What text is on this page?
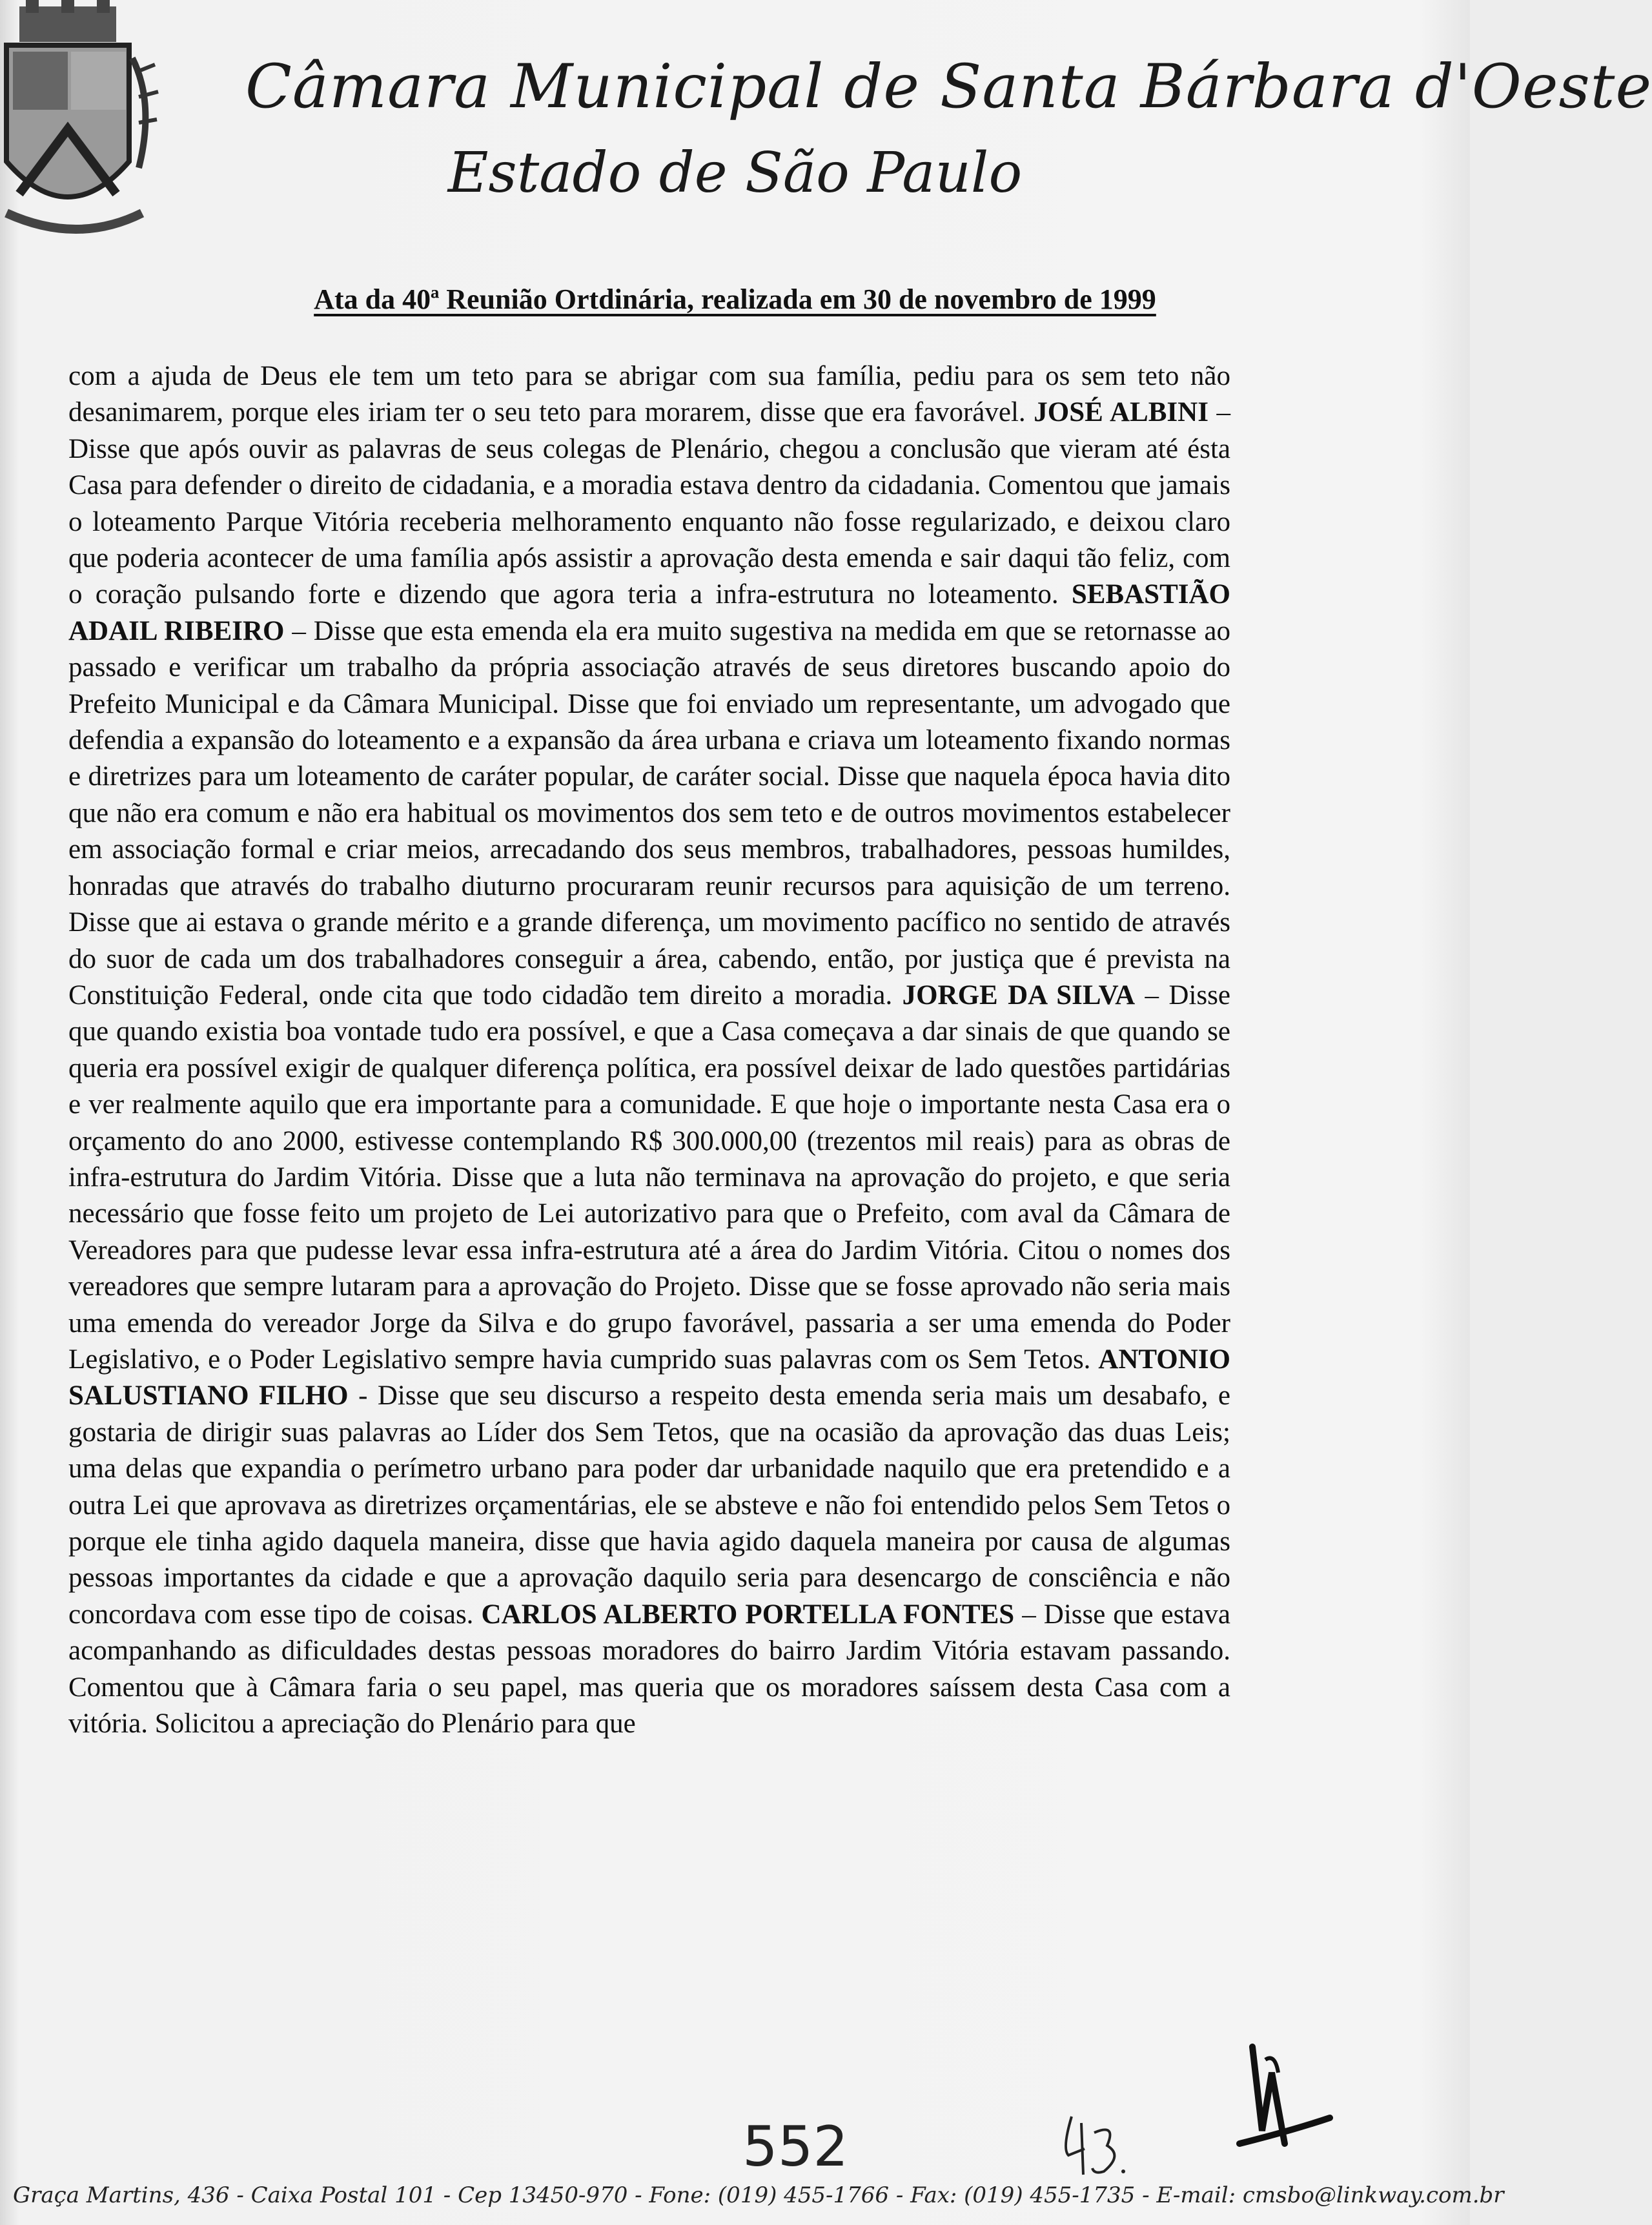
Câmara Municipal de Santa Bárbara d'Oeste
Estado de São Paulo
Ata da 40ª Reunião Ortdinária, realizada em 30 de novembro de 1999

com a ajuda de Deus ele tem um teto para se abrigar com sua família, pediu para os sem teto não desanimarem, porque eles iriam ter o seu teto para morarem, disse que era favorável. JOSÉ ALBINI – Disse que após ouvir as palavras de seus colegas de Plenário, chegou a conclusão que vieram até ésta Casa para defender o direito de cidadania, e a moradia estava dentro da cidadania. Comentou que jamais o loteamento Parque Vitória receberia melhoramento enquanto não fosse regularizado, e deixou claro que poderia acontecer de uma família após assistir a aprovação desta emenda e sair daqui tão feliz, com o coração pulsando forte e dizendo que agora teria a infra-estrutura no loteamento. SEBASTIÃO ADAIL RIBEIRO – Disse que esta emenda ela era muito sugestiva na medida em que se retornasse ao passado e verificar um trabalho da própria associação através de seus diretores buscando apoio do Prefeito Municipal e da Câmara Municipal. Disse que foi enviado um representante, um advogado que defendia a expansão do loteamento e a expansão da área urbana e criava um loteamento fixando normas e diretrizes para um loteamento de caráter popular, de caráter social. Disse que naquela época havia dito que não era comum e não era habitual os movimentos dos sem teto e de outros movimentos estabelecer em associação formal e criar meios, arrecadando dos seus membros, trabalhadores, pessoas humildes, honradas que através do trabalho diuturno procuraram reunir recursos para aquisição de um terreno. Disse que ai estava o grande mérito e a grande diferença, um movimento pacífico no sentido de através do suor de cada um dos trabalhadores conseguir a área, cabendo, então, por justiça que é prevista na Constituição Federal, onde cita que todo cidadão tem direito a moradia. JORGE DA SILVA – Disse que quando existia boa vontade tudo era possível, e que a Casa começava a dar sinais de que quando se queria era possível exigir de qualquer diferença política, era possível deixar de lado questões partidárias e ver realmente aquilo que era importante para a comunidade. E que hoje o importante nesta Casa era o orçamento do ano 2000, estivesse contemplando R$ 300.000,00 (trezentos mil reais) para as obras de infra-estrutura do Jardim Vitória. Disse que a luta não terminava na aprovação do projeto, e que seria necessário que fosse feito um projeto de Lei autorizativo para que o Prefeito, com aval da Câmara de Vereadores para que pudesse levar essa infra-estrutura até a área do Jardim Vitória. Citou o nomes dos vereadores que sempre lutaram para a aprovação do Projeto. Disse que se fosse aprovado não seria mais uma emenda do vereador Jorge da Silva e do grupo favorável, passaria a ser uma emenda do Poder Legislativo, e o Poder Legislativo sempre havia cumprido suas palavras com os Sem Tetos. ANTONIO SALUSTIANO FILHO - Disse que seu discurso a respeito desta emenda seria mais um desabafo, e gostaria de dirigir suas palavras ao Líder dos Sem Tetos, que na ocasião da aprovação das duas Leis; uma delas que expandia o perímetro urbano para poder dar urbanidade naquilo que era pretendido e a outra Lei que aprovava as diretrizes orçamentárias, ele se absteve e não foi entendido pelos Sem Tetos o porque ele tinha agido daquela maneira, disse que havia agido daquela maneira por causa de algumas pessoas importantes da cidade e que a aprovação daquilo seria para desencargo de consciência e não concordava com esse tipo de coisas. CARLOS ALBERTO PORTELLA FONTES – Disse que estava acompanhando as dificuldades destas pessoas moradores do bairro Jardim Vitória estavam passando. Comentou que à Câmara faria o seu papel, mas queria que os moradores saíssem desta Casa com a vitória. Solicitou a apreciação do Plenário para que

552
Graça Martins, 436 - Caixa Postal 101 - Cep 13450-970 - Fone: (019) 455-1766 - Fax: (019) 455-1735 - E-mail: cmsbo@linkway.com.br
